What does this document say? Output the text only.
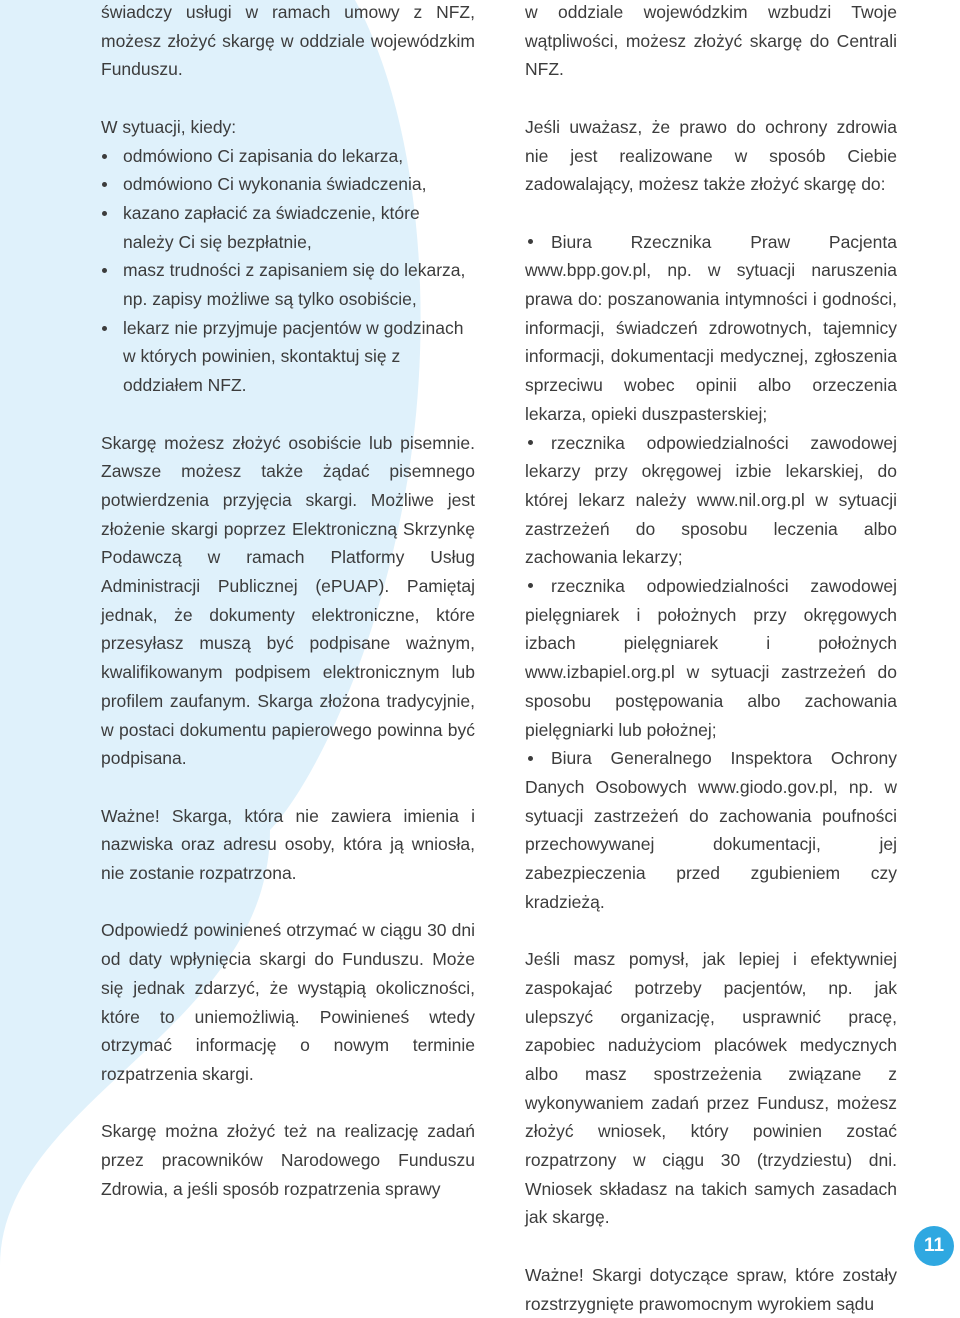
świadczy usługi w ramach umowy z NFZ, możesz złożyć skargę w oddziale wojewódzkim Funduszu.

W sytuacji, kiedy:

odmówiono Ci zapisania do lekarza,
odmówiono Ci wykonania świadczenia,
kazano zapłacić za świadczenie, które należy Ci się bezpłatnie,
masz trudności z zapisaniem się do lekarza, np. zapisy możliwe są tylko osobiście,
lekarz nie przyjmuje pacjentów w godzinach w których powinien, skontaktuj się z oddziałem NFZ.

Skargę możesz złożyć osobiście lub pisemnie. Zawsze możesz także żądać pisemnego potwierdzenia przyjęcia skargi. Możliwe jest złożenie skargi poprzez Elektroniczną Skrzynkę Podawczą w ramach Platformy Usług Administracji Publicznej (ePUAP). Pamiętaj jednak, że dokumenty elektroniczne, które przesyłasz muszą być podpisane ważnym, kwalifikowanym podpisem elektronicznym lub profilem zaufanym. Skarga złożona tradycyjnie, w postaci dokumentu papierowego powinna być podpisana.

Ważne! Skarga, która nie zawiera imienia i nazwiska oraz adresu osoby, która ją wniosła, nie zostanie rozpatrzona.

Odpowiedź powinieneś otrzymać w ciągu 30 dni od daty wpłynięcia skargi do Funduszu. Może się jednak zdarzyć, że wystąpią okoliczności, które to uniemożliwią. Powinieneś wtedy otrzymać informację o nowym terminie rozpatrzenia skargi.

Skargę można złożyć też na realizację zadań przez pracowników Narodowego Funduszu Zdrowia, a jeśli sposób rozpatrzenia sprawy

w oddziale wojewódzkim wzbudzi Twoje wątpliwości, możesz złożyć skargę do Centrali NFZ.

Jeśli uważasz, że prawo do ochrony zdrowia nie jest realizowane w sposób Ciebie zadowalający, możesz także złożyć skargę do:

Biura Rzecznika Praw Pacjenta www.bpp.gov.pl, np. w sytuacji naruszenia prawa do: poszanowania intymności i godności, informacji, świadczeń zdrowotnych, tajemnicy informacji, dokumentacji medycznej, zgłoszenia sprzeciwu wobec opinii albo orzeczenia lekarza, opieki duszpasterskiej;
rzecznika odpowiedzialności zawodowej lekarzy przy okręgowej izbie lekarskiej, do której lekarz należy www.nil.org.pl w sytuacji zastrzeżeń do sposobu leczenia albo zachowania lekarzy;
rzecznika odpowiedzialności zawodowej pielęgniarek i położnych przy okręgowych izbach pielęgniarek i położnych www.izbapiel.org.pl w sytuacji zastrzeżeń do sposobu postępowania albo zachowania pielęgniarki lub położnej;
Biura Generalnego Inspektora Ochrony Danych Osobowych www.giodo.gov.pl, np. w sytuacji zastrzeżeń do zachowania poufności przechowywanej dokumentacji, jej zabezpieczenia przed zgubieniem czy kradzieżą.

Jeśli masz pomysł, jak lepiej i efektywniej zaspokajać potrzeby pacjentów, np. jak ulepszyć organizację, usprawnić pracę, zapobiec nadużyciom placówek medycznych albo masz spostrzeżenia związane z wykonywaniem zadań przez Fundusz, możesz złożyć wniosek, który powinien zostać rozpatrzony w ciągu 30 (trzydziestu) dni. Wniosek składasz na takich samych zasadach jak skargę.

Ważne! Skargi dotyczące spraw, które zostały rozstrzygnięte prawomocnym wyrokiem sądu

11
